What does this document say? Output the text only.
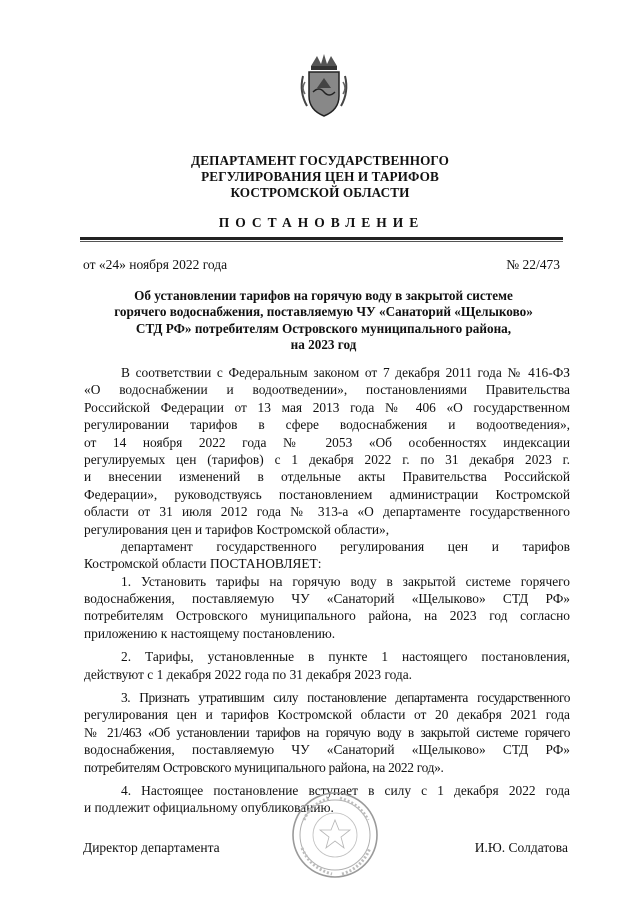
ДЕПАРТАМЕНТ ГОСУДАРСТВЕННОГО
РЕГУЛИРОВАНИЯ ЦЕН И ТАРИФОВ
КОСТРОМСКОЙ ОБЛАСТИ
ПОСТАНОВЛЕНИЕ
от «24» ноября 2022 года	№ 22/473
Об установлении тарифов на горячую воду в закрытой системе
горячего водоснабжения, поставляемую ЧУ «Санаторий «Щелыково»
СТД РФ» потребителям Островского муниципального района,
на 2023 год
В соответствии с Федеральным законом от 7 декабря 2011 года № 416-ФЗ
«О водоснабжении и водоотведении», постановлениями Правительства
Российской Федерации от 13 мая 2013 года № 406 «О государственном
регулировании тарифов в сфере водоснабжения и водоотведения»,
от 14 ноября 2022 года № 2053 «Об особенностях индексации
регулируемых цен (тарифов) с 1 декабря 2022 г. по 31 декабря 2023 г.
и внесении изменений в отдельные акты Правительства Российской
Федерации», руководствуясь постановлением администрации Костромской
области от 31 июля 2012 года № 313-а «О департаменте государственного
регулирования цен и тарифов Костромской области»,
департамент государственного регулирования цен и тарифов
Костромской области ПОСТАНОВЛЯЕТ:
1. Установить тарифы на горячую воду в закрытой системе горячего
водоснабжения, поставляемую ЧУ «Санаторий «Щелыково» СТД РФ»
потребителям Островского муниципального района, на 2023 год согласно
приложению к настоящему постановлению.
2. Тарифы, установленные в пункте 1 настоящего постановления,
действуют с 1 декабря 2022 года по 31 декабря 2023 года.
3. Признать утратившим силу постановление департамента государственного
регулирования цен и тарифов Костромской области от 20 декабря 2021 года
№ 21/463 «Об установлении тарифов на горячую воду в закрытой системе горячего
водоснабжения, поставляемую ЧУ «Санаторий «Щелыково» СТД РФ»
потребителям Островского муниципального района, на 2022 год».
4. Настоящее постановление вступает в силу с 1 декабря 2022 года
и подлежит официальному опубликованию.
Директор департамента	И.Ю. Солдатова
